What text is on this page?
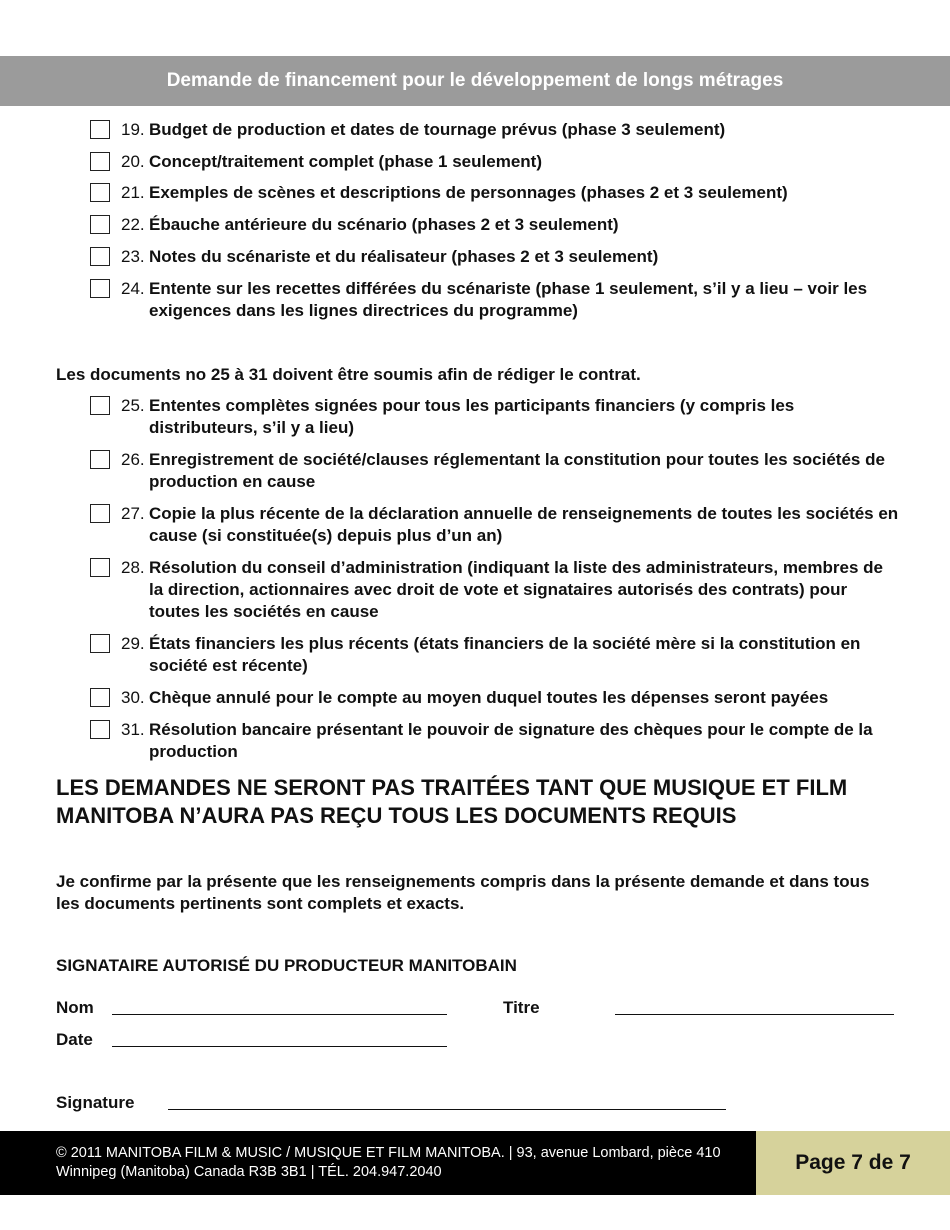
Demande de financement pour le développement de longs métrages
19. Budget de production et dates de tournage prévus (phase 3 seulement)
20. Concept/traitement complet (phase 1 seulement)
21. Exemples de scènes et descriptions de personnages (phases 2 et 3 seulement)
22. Ébauche antérieure du scénario (phases 2 et 3 seulement)
23. Notes du scénariste et du réalisateur (phases 2 et 3 seulement)
24. Entente sur les recettes différées du scénariste (phase 1 seulement, s’il y a lieu – voir les exigences dans les lignes directrices du programme)
Les documents no 25 à 31 doivent être soumis afin de rédiger le contrat.
25. Ententes complètes signées pour tous les participants financiers (y compris les distributeurs, s’il y a lieu)
26. Enregistrement de société/clauses réglementant la constitution pour toutes les sociétés de production en cause
27. Copie la plus récente de la déclaration annuelle de renseignements de toutes les sociétés en cause (si constituée(s) depuis plus d’un an)
28. Résolution du conseil d’administration (indiquant la liste des administrateurs, membres de la direction, actionnaires avec droit de vote et signataires autorisés des contrats) pour toutes les sociétés en cause
29. États financiers les plus récents (états financiers de la société mère si la constitution en société est récente)
30. Chèque annulé pour le compte au moyen duquel toutes les dépenses seront payées
31. Résolution bancaire présentant le pouvoir de signature des chèques pour le compte de la production
LES DEMANDES NE SERONT PAS TRAITÉES TANT QUE MUSIQUE ET FILM MANITOBA N’AURA PAS REÇU TOUS LES DOCUMENTS REQUIS
Je confirme par la présente que les renseignements compris dans la présente demande et dans tous les documents pertinents sont complets et exacts.
SIGNATAIRE AUTORISÉ DU PRODUCTEUR MANITOBAIN
Nom	Titre
Date
Signature
© 2011 MANITOBA FILM & MUSIC / MUSIQUE ET FILM MANITOBA. | 93, avenue Lombard, pièce 410 Winnipeg (Manitoba) Canada R3B 3B1 | TÉL. 204.947.2040	Page 7 de 7
